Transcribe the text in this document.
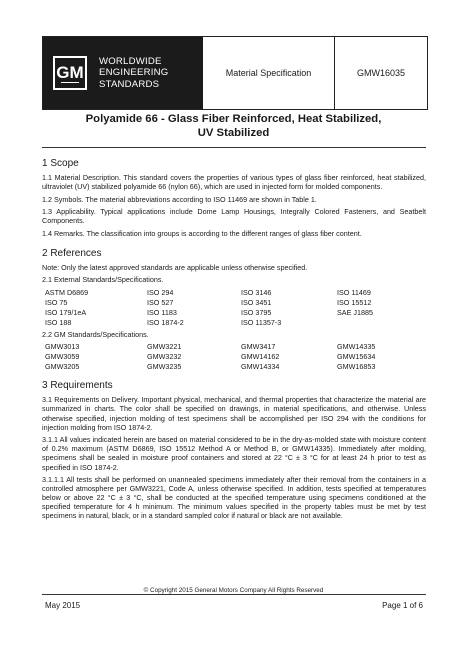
GM
WORLDWIDE
ENGINEERING
STANDARDS
Material Specification	GMW16035
Polyamide 66 - Glass Fiber Reinforced, Heat Stabilized,
UV Stabilized
1 Scope

1.1 Material Description. This standard covers the properties of various types of glass fiber reinforced, heat stabilized, ultraviolet (UV) stabilized polyamide 66 (nylon 66), which are used in injected form for molded components.

1.2 Symbols. The material abbreviations according to ISO 11469 are shown in Table 1.

1.3 Applicability. Typical applications include Dome Lamp Housings, Integrally Colored Fasteners, and Seatbelt Components.

1.4 Remarks. The classification into groups is according to the different ranges of glass fiber content.

2 References

Note: Only the latest approved standards are applicable unless otherwise specified.

2.1 External Standards/Specifications.

ASTM D6869	ISO 294	ISO 3146	ISO 11469
ISO 75	ISO 527	ISO 3451	ISO 15512
ISO 179/1eA	ISO 1183	ISO 3795	SAE J1885
ISO 188	ISO 1874-2	ISO 11357-3

2.2 GM Standards/Specifications.

GMW3013	GMW3221	GMW3417	GMW14335
GMW3059	GMW3232	GMW14162	GMW15634
GMW3205	GMW3235	GMW14334	GMW16853
3 Requirements

3.1 Requirements on Delivery. Important physical, mechanical, and thermal properties that characterize the material are summarized in charts. The color shall be specified on drawings, in material specifications, and otherwise. Unless otherwise specified, injection molding of test specimens shall be accomplished per ISO 294 with the conditions for injection molding from ISO 1874-2.

3.1.1 All values indicated herein are based on material considered to be in the dry-as-molded state with moisture content of 0.2% maximum (ASTM D6869, ISO 15512 Method A or Method B, or GMW14335). Immediately after molding, specimens shall be sealed in moisture proof containers and stored at 22 °C ± 3 °C for at least 24 h prior to test as specified in ISO 1874-2.

3.1.1.1 All tests shall be performed on unannealed specimens immediately after their removal from the containers in a controlled atmosphere per GMW3221, Code A, unless otherwise specified. In addition, tests specified at temperatures below or above 22 °C ± 3 °C, shall be conducted at the specified temperature using specimens conditioned at the specified temperature for 4 h minimum. The minimum values specified in the property tables must be met by test specimens in natural, black, or in a standard sampled color if natural or black are not available.

© Copyright 2015 General Motors Company All Rights Reserved
May 2015	Page 1 of 6
